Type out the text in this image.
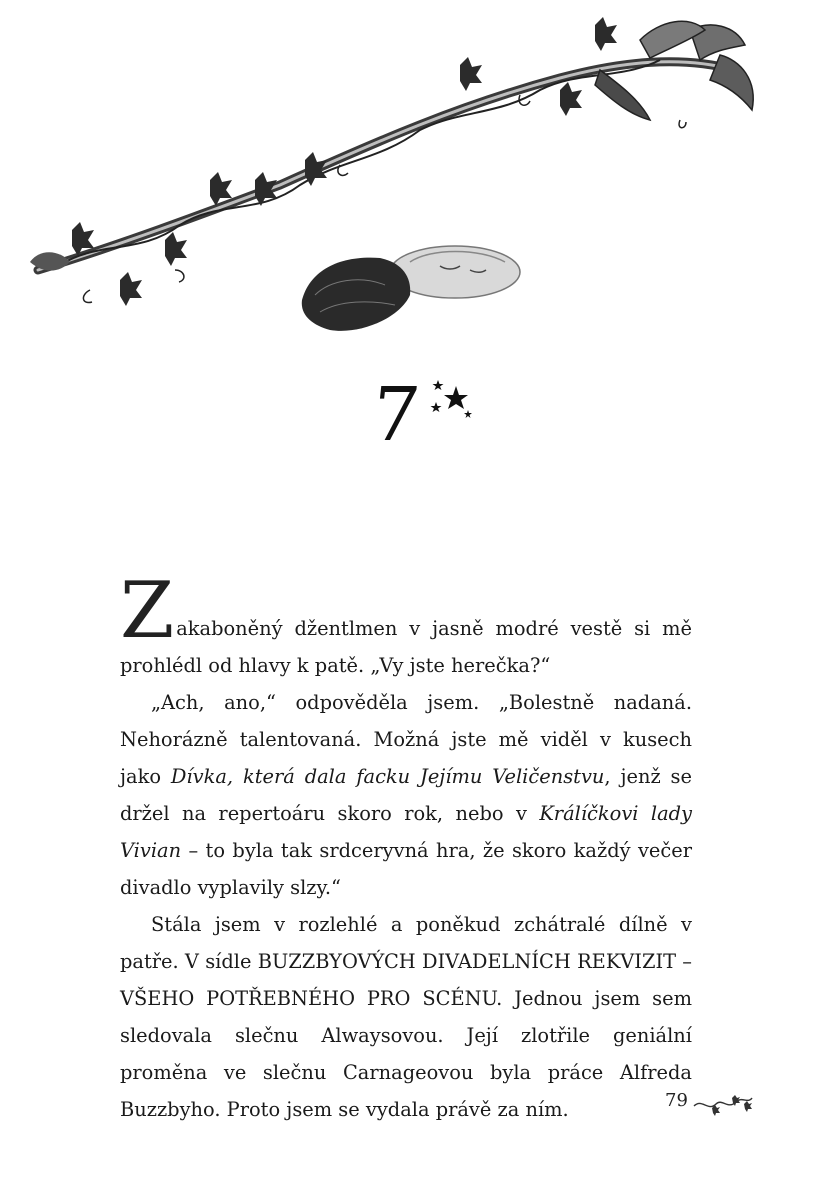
7

Zakaboněný džentlmen v jasně modré vestě si mě prohlédl od hlavy k patě. „Vy jste herečka?“

„Ach, ano,“ odpověděla jsem. „Bolestně nadaná. Nehorázně talentovaná. Možná jste mě viděl v kusech jako Dívka, která dala facku Jejímu Veličenstvu, jenž se držel na repertoáru skoro rok, nebo v Králíčkovi lady Vivian – to byla tak srdceryvná hra, že skoro každý večer divadlo vyplavily slzy.“

Stála jsem v rozlehlé a poněkud zchátralé dílně v patře. V sídle BUZZBYOVÝCH DIVADELNÍCH REKVIZIT – VŠEHO POTŘEBNÉHO PRO SCÉNU. Jednou jsem sem sledovala slečnu Alwaysovou. Její zlotřile geniální proměna ve slečnu Carnageovou byla práce Alfreda Buzzbyho. Proto jsem se vydala právě za ním.	79
